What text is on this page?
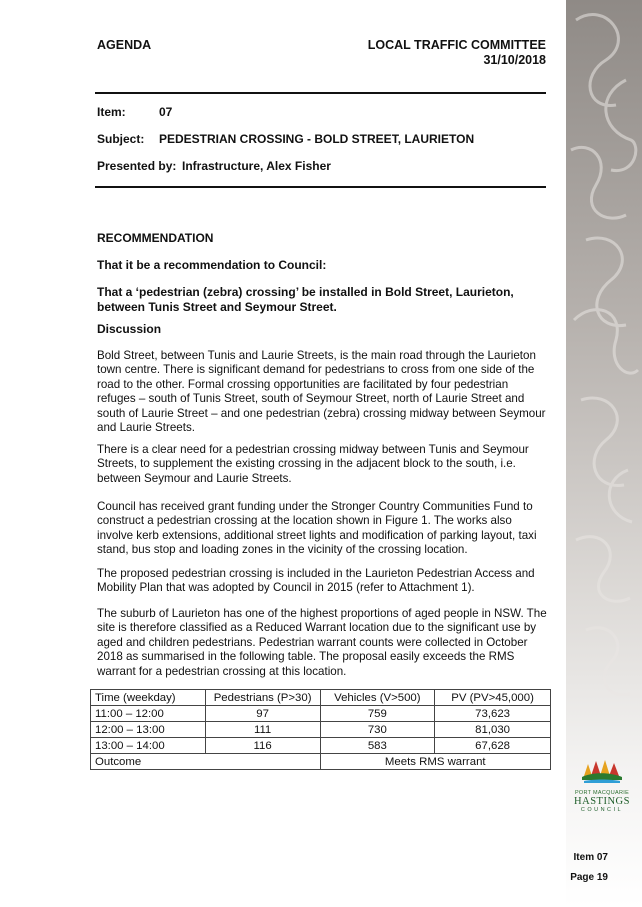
AGENDA	LOCAL TRAFFIC COMMITTEE
31/10/2018
Item:	07
Subject: PEDESTRIAN CROSSING - BOLD STREET, LAURIETON
Presented by: Infrastructure, Alex Fisher
RECOMMENDATION
That it be a recommendation to Council:
That a ‘pedestrian (zebra) crossing’ be installed in Bold Street, Laurieton, between Tunis Street and Seymour Street.
Discussion
Bold Street, between Tunis and Laurie Streets, is the main road through the Laurieton town centre. There is significant demand for pedestrians to cross from one side of the road to the other. Formal crossing opportunities are facilitated by four pedestrian refuges – south of Tunis Street, south of Seymour Street, north of Laurie Street and south of Laurie Street – and one pedestrian (zebra) crossing midway between Seymour and Laurie Streets.
There is a clear need for a pedestrian crossing midway between Tunis and Seymour Streets, to supplement the existing crossing in the adjacent block to the south, i.e. between Seymour and Laurie Streets.
Council has received grant funding under the Stronger Country Communities Fund to construct a pedestrian crossing at the location shown in Figure 1. The works also involve kerb extensions, additional street lights and modification of parking layout, taxi stand, bus stop and loading zones in the vicinity of the crossing location.
The proposed pedestrian crossing is included in the Laurieton Pedestrian Access and Mobility Plan that was adopted by Council in 2015 (refer to Attachment 1).
The suburb of Laurieton has one of the highest proportions of aged people in NSW. The site is therefore classified as a Reduced Warrant location due to the significant use by aged and children pedestrians. Pedestrian warrant counts were collected in October 2018 as summarised in the following table. The proposal easily exceeds the RMS warrant for a pedestrian crossing at this location.
Time (weekday)	Pedestrians (P>30)	Vehicles (V>500)	PV (PV>45,000)
11:00 – 12:00	97	759	73,623
12:00 – 13:00	111	730	81,030
13:00 – 14:00	116	583	67,628
Outcome		Meets RMS warrant	
PORT MACQUARIE
HASTINGS
COUNCIL
Item 07
Page 19
